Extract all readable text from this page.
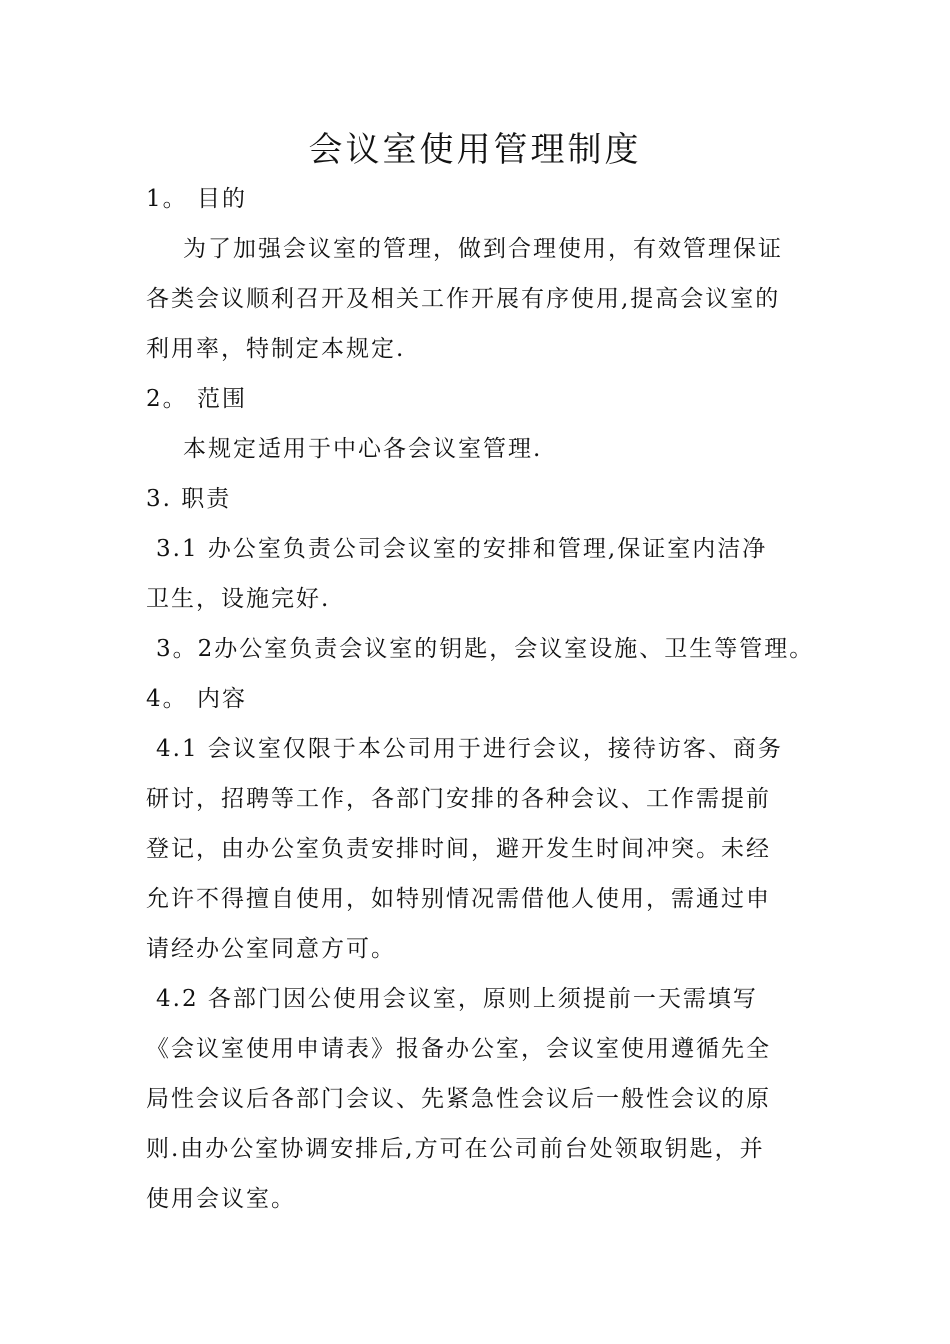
会议室使用管理制度
1。 目的
为了加强会议室的管理，做到合理使用，有效管理保证
各类会议顺利召开及相关工作开展有序使用,提高会议室的
利用率，特制定本规定.
2。 范围
本规定适用于中心各会议室管理.
3. 职责
3.1 办公室负责公司会议室的安排和管理,保证室内洁净
卫生，设施完好.
3。2办公室负责会议室的钥匙，会议室设施、卫生等管理。
4。 内容
4.1 会议室仅限于本公司用于进行会议，接待访客、商务
研讨，招聘等工作，各部门安排的各种会议、工作需提前
登记，由办公室负责安排时间，避开发生时间冲突。未经
允许不得擅自使用，如特别情况需借他人使用，需通过申
请经办公室同意方可。
4.2 各部门因公使用会议室，原则上须提前一天需填写
《会议室使用申请表》报备办公室，会议室使用遵循先全
局性会议后各部门会议、先紧急性会议后一般性会议的原
则.由办公室协调安排后,方可在公司前台处领取钥匙，并
使用会议室。
